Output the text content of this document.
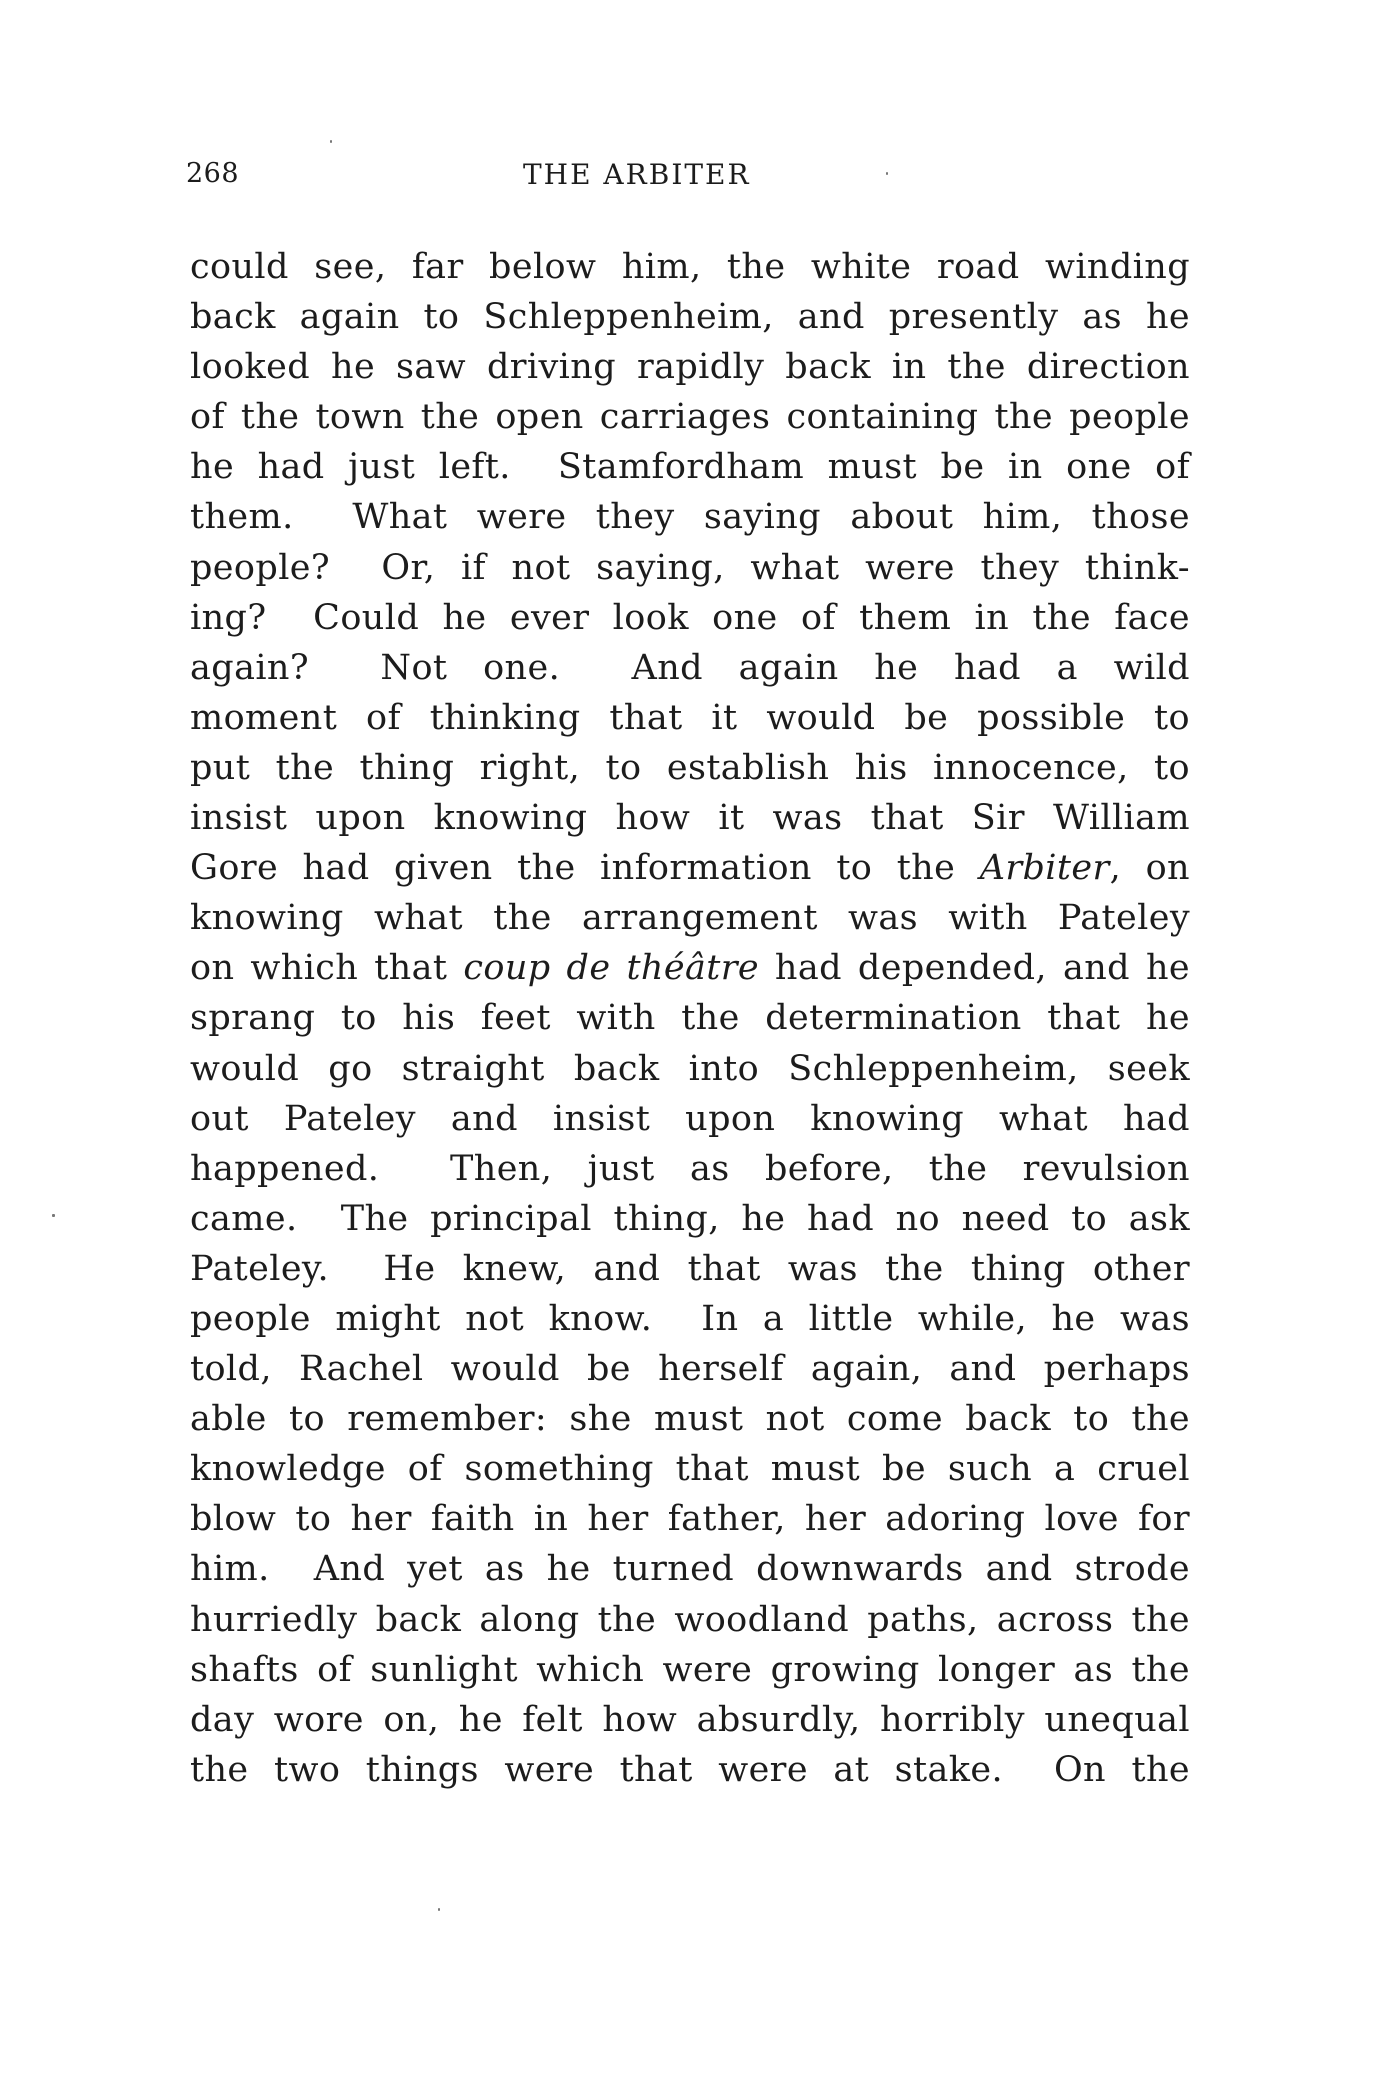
268	THE ARBITER
could see, far below him, the white road winding
back again to Schleppenheim, and presently as he
looked he saw driving rapidly back in the direction
of the town the open carriages containing the people
he had just left.  Stamfordham must be in one of
them.  What were they saying about him, those
people?  Or, if not saying, what were they think-
ing?  Could he ever look one of them in the face
again?  Not one.  And again he had a wild
moment of thinking that it would be possible to
put the thing right, to establish his innocence, to
insist upon knowing how it was that Sir William
Gore had given the information to the Arbiter, on
knowing what the arrangement was with Pateley
on which that coup de théâtre had depended, and he
sprang to his feet with the determination that he
would go straight back into Schleppenheim, seek
out Pateley and insist upon knowing what had
happened.  Then, just as before, the revulsion
came.  The principal thing, he had no need to ask
Pateley.  He knew, and that was the thing other
people might not know.  In a little while, he was
told, Rachel would be herself again, and perhaps
able to remember: she must not come back to the
knowledge of something that must be such a cruel
blow to her faith in her father, her adoring love for
him.  And yet as he turned downwards and strode
hurriedly back along the woodland paths, across the
shafts of sunlight which were growing longer as the
day wore on, he felt how absurdly, horribly unequal
the two things were that were at stake.  On the
